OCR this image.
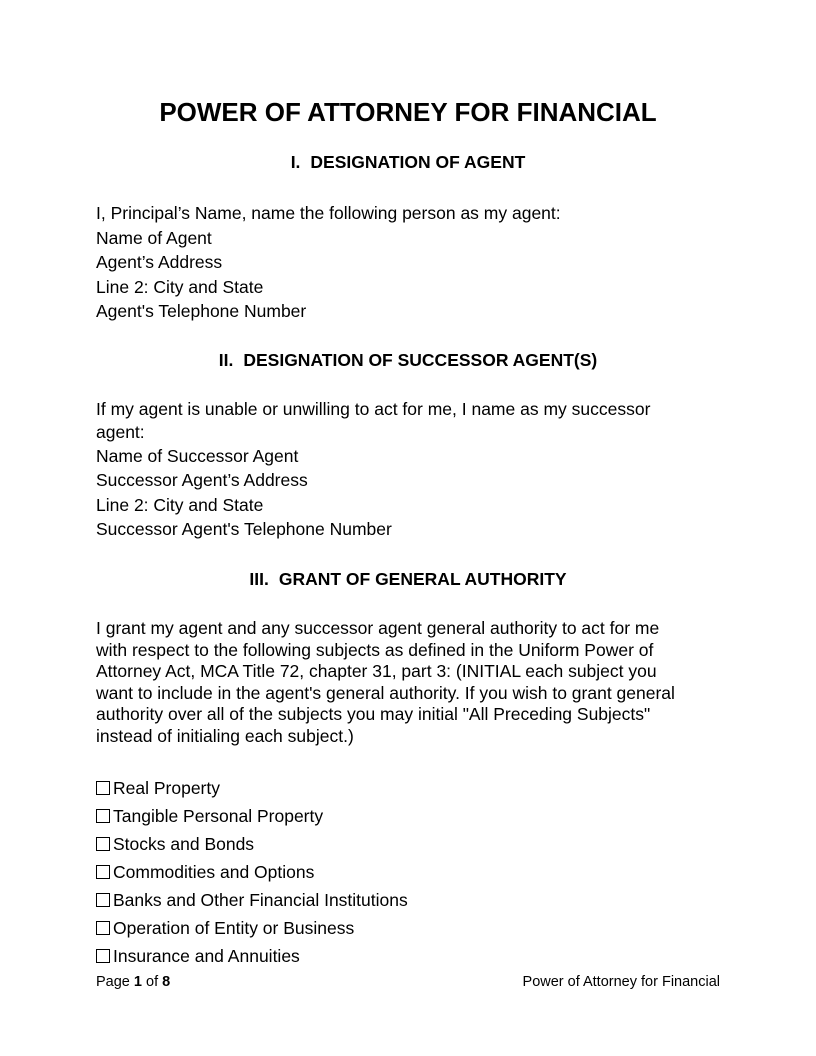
POWER OF ATTORNEY FOR FINANCIAL
I. DESIGNATION OF AGENT
I, Principal’s Name, name the following person as my agent:
Name of Agent
Agent’s Address
Line 2: City and State
Agent's Telephone Number
II. DESIGNATION OF SUCCESSOR AGENT(S)
If my agent is unable or unwilling to act for me, I name as my successor
agent:
Name of Successor Agent
Successor Agent’s Address
Line 2: City and State
Successor Agent's Telephone Number
III. GRANT OF GENERAL AUTHORITY
I grant my agent and any successor agent general authority to act for me
with respect to the following subjects as defined in the Uniform Power of
Attorney Act, MCA Title 72, chapter 31, part 3: (INITIAL each subject you
want to include in the agent's general authority. If you wish to grant general
authority over all of the subjects you may initial "All Preceding Subjects"
instead of initialing each subject.)
Real Property
Tangible Personal Property
Stocks and Bonds
Commodities and Options
Banks and Other Financial Institutions
Operation of Entity or Business
Insurance and Annuities
Page 1 of 8	Power of Attorney for Financial
